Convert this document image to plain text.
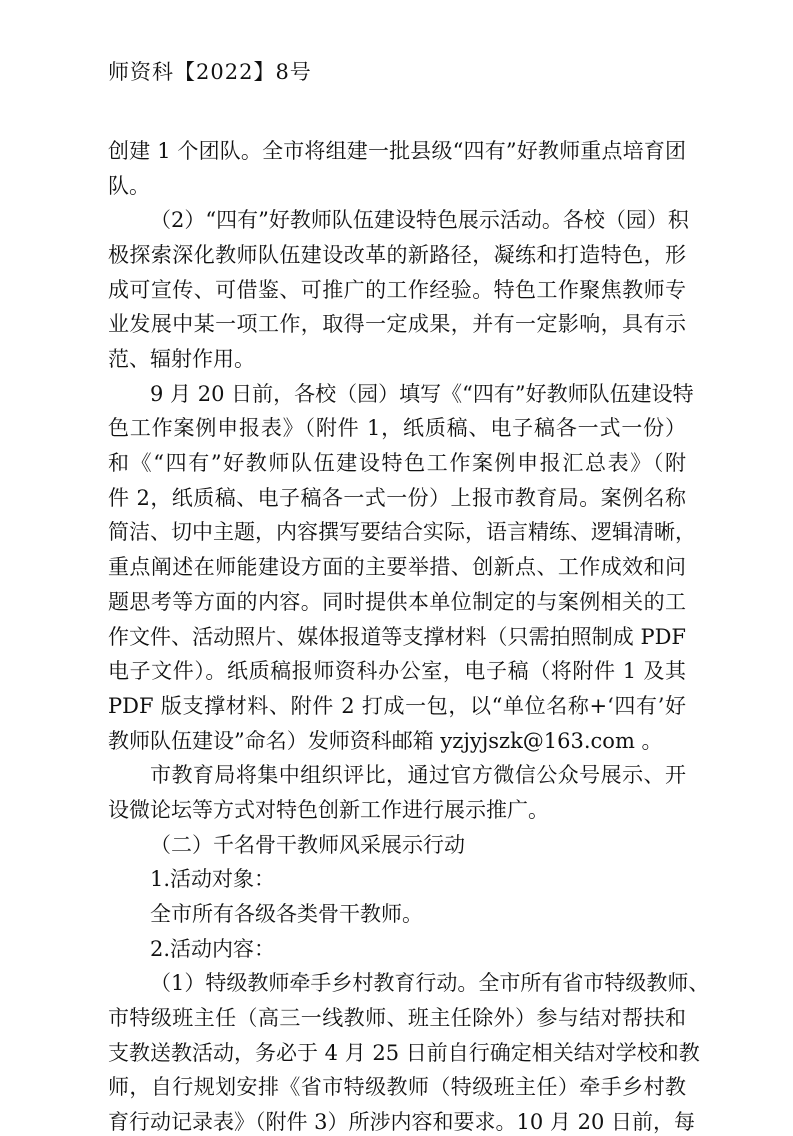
师资科【2022】8号
创建 1 个团队。全市将组建一批县级“四有”好教师重点培育团
队。
（2）“四有”好教师队伍建设特色展示活动。各校（园）积
极探索深化教师队伍建设改革的新路径，凝练和打造特色，形
成可宣传、可借鉴、可推广的工作经验。特色工作聚焦教师专
业发展中某一项工作，取得一定成果，并有一定影响，具有示
范、辐射作用。
9 月 20 日前，各校（园）填写《“四有”好教师队伍建设特
色工作案例申报表》（附件 1，纸质稿、电子稿各一式一份）
和《“四有”好教师队伍建设特色工作案例申报汇总表》（附
件 2，纸质稿、电子稿各一式一份）上报市教育局。案例名称
简洁、切中主题，内容撰写要结合实际，语言精练、逻辑清晰，
重点阐述在师能建设方面的主要举措、创新点、工作成效和问
题思考等方面的内容。同时提供本单位制定的与案例相关的工
作文件、活动照片、媒体报道等支撑材料（只需拍照制成 PDF
电子文件）。纸质稿报师资科办公室，电子稿（将附件 1 及其
PDF 版支撑材料、附件 2 打成一包，以“单位名称+‘四有’好
教师队伍建设”命名）发师资科邮箱 yzjyjszk@163.com 。
市教育局将集中组织评比，通过官方微信公众号展示、开
设微论坛等方式对特色创新工作进行展示推广。
（二）千名骨干教师风采展示行动
1.活动对象：
全市所有各级各类骨干教师。
2.活动内容：
（1）特级教师牵手乡村教育行动。全市所有省市特级教师、
市特级班主任（高三一线教师、班主任除外）参与结对帮扶和
支教送教活动，务必于 4 月 25 日前自行确定相关结对学校和教
师，自行规划安排《省市特级教师（特级班主任）牵手乡村教
育行动记录表》（附件 3）所涉内容和要求。10 月 20 日前，每
